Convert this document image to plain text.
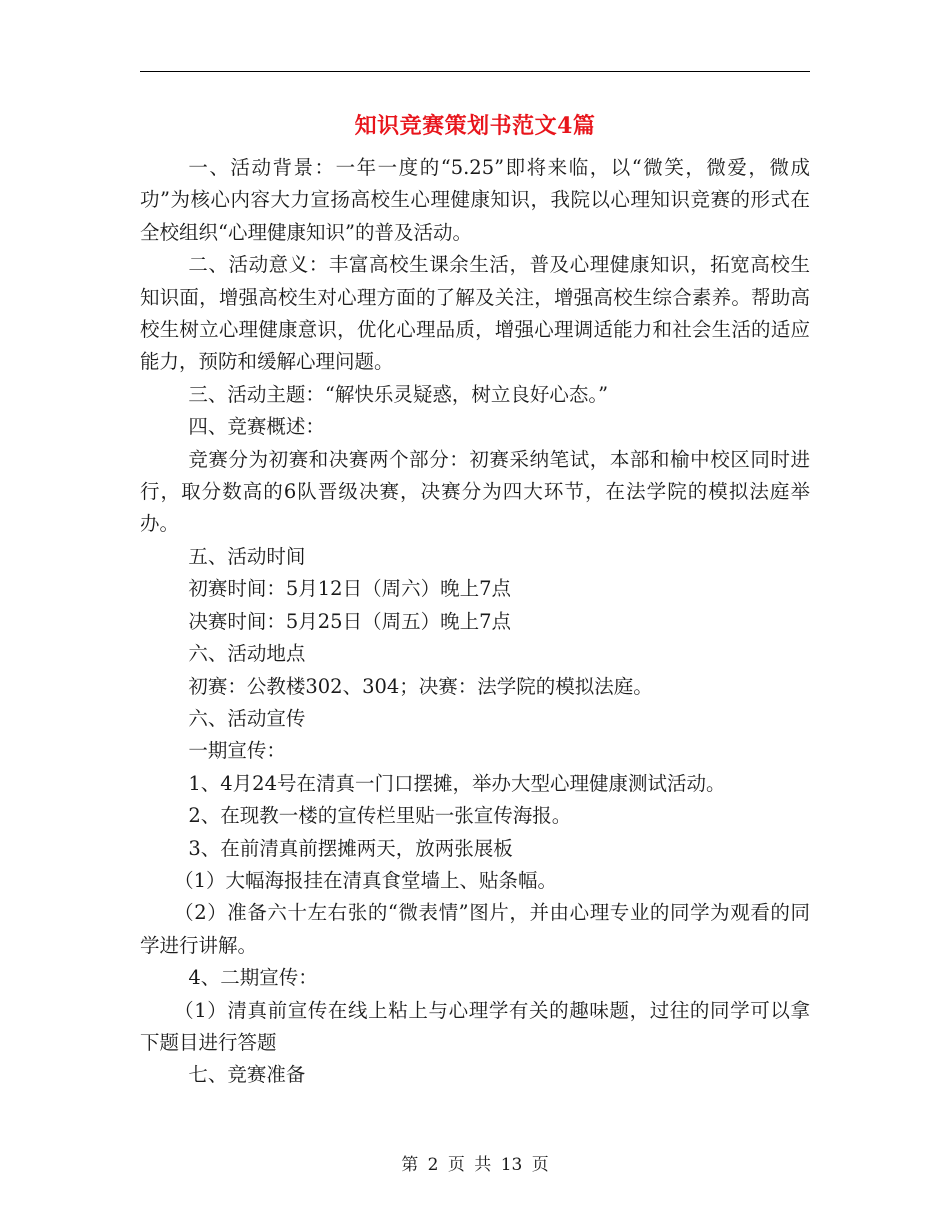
知识竞赛策划书范文4篇

一、活动背景：一年一度的“5.25”即将来临，以“微笑，微爱，微成功”为核心内容大力宣扬高校生心理健康知识，我院以心理知识竞赛的形式在全校组织“心理健康知识”的普及活动。

二、活动意义：丰富高校生课余生活，普及心理健康知识，拓宽高校生知识面，增强高校生对心理方面的了解及关注，增强高校生综合素养。帮助高校生树立心理健康意识，优化心理品质，增强心理调适能力和社会生活的适应能力，预防和缓解心理问题。

三、活动主题：“解快乐灵疑惑，树立良好心态。”

四、竞赛概述：

竞赛分为初赛和决赛两个部分：初赛采纳笔试，本部和榆中校区同时进行，取分数高的6队晋级决赛，决赛分为四大环节，在法学院的模拟法庭举办。

五、活动时间

初赛时间：5月12日（周六）晚上7点

决赛时间：5月25日（周五）晚上7点

六、活动地点

初赛：公教楼302、304；决赛：法学院的模拟法庭。

六、活动宣传

一期宣传：

1、4月24号在清真一门口摆摊，举办大型心理健康测试活动。

2、在现教一楼的宣传栏里贴一张宣传海报。

3、在前清真前摆摊两天，放两张展板

（1）大幅海报挂在清真食堂墙上、贴条幅。

（2）准备六十左右张的“微表情”图片，并由心理专业的同学为观看的同学进行讲解。

4、二期宣传：

（1）清真前宣传在线上粘上与心理学有关的趣味题，过往的同学可以拿下题目进行答题

七、竞赛准备

第 2 页 共 13 页
